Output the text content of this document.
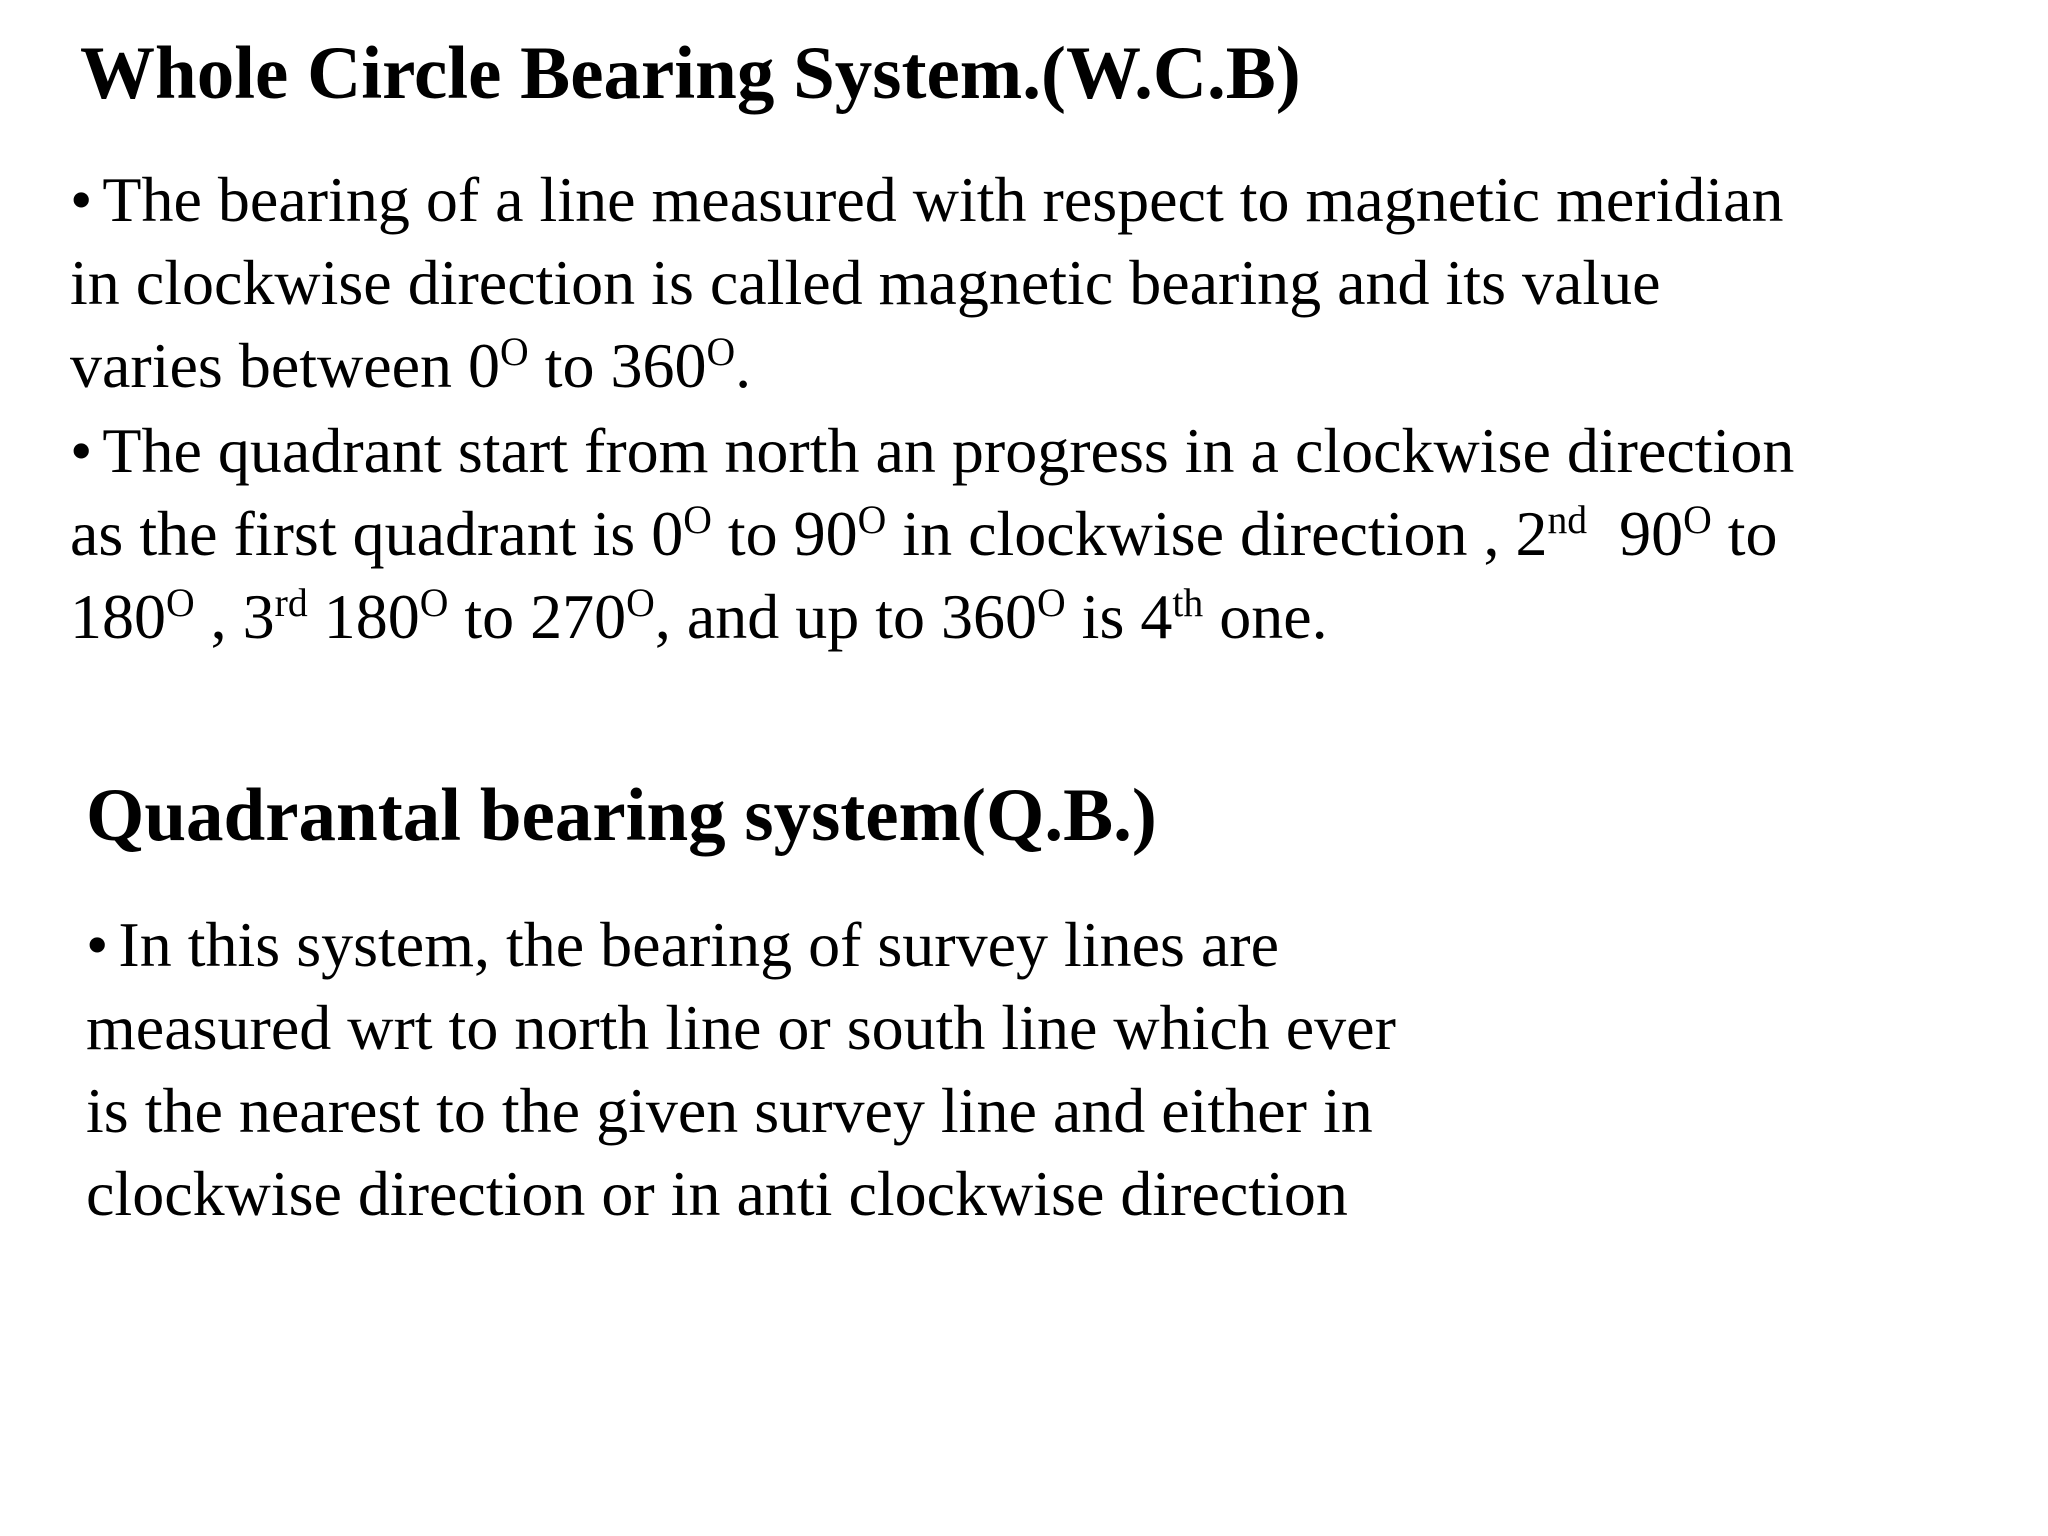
Whole Circle Bearing System.(W.C.B)
• The bearing of a line measured with respect to magnetic meridian
in clockwise direction is called magnetic bearing and its value
varies between $0^O$ to $360^O$.
• The quadrant start from north an progress in a clockwise direction
as the first quadrant is $0^O$ to $90^O$ in clockwise direction , 2nd  $90^O$ to
$180^O$ , 3rd $180^O$ to $270^O$, and up to $360^O$ is 4th one.
Quadrantal bearing system(Q.B.)
• In this system, the bearing of survey lines are
measured wrt to north line or south line which ever
is the nearest to the given survey line and either in
clockwise direction or in anti clockwise direction
